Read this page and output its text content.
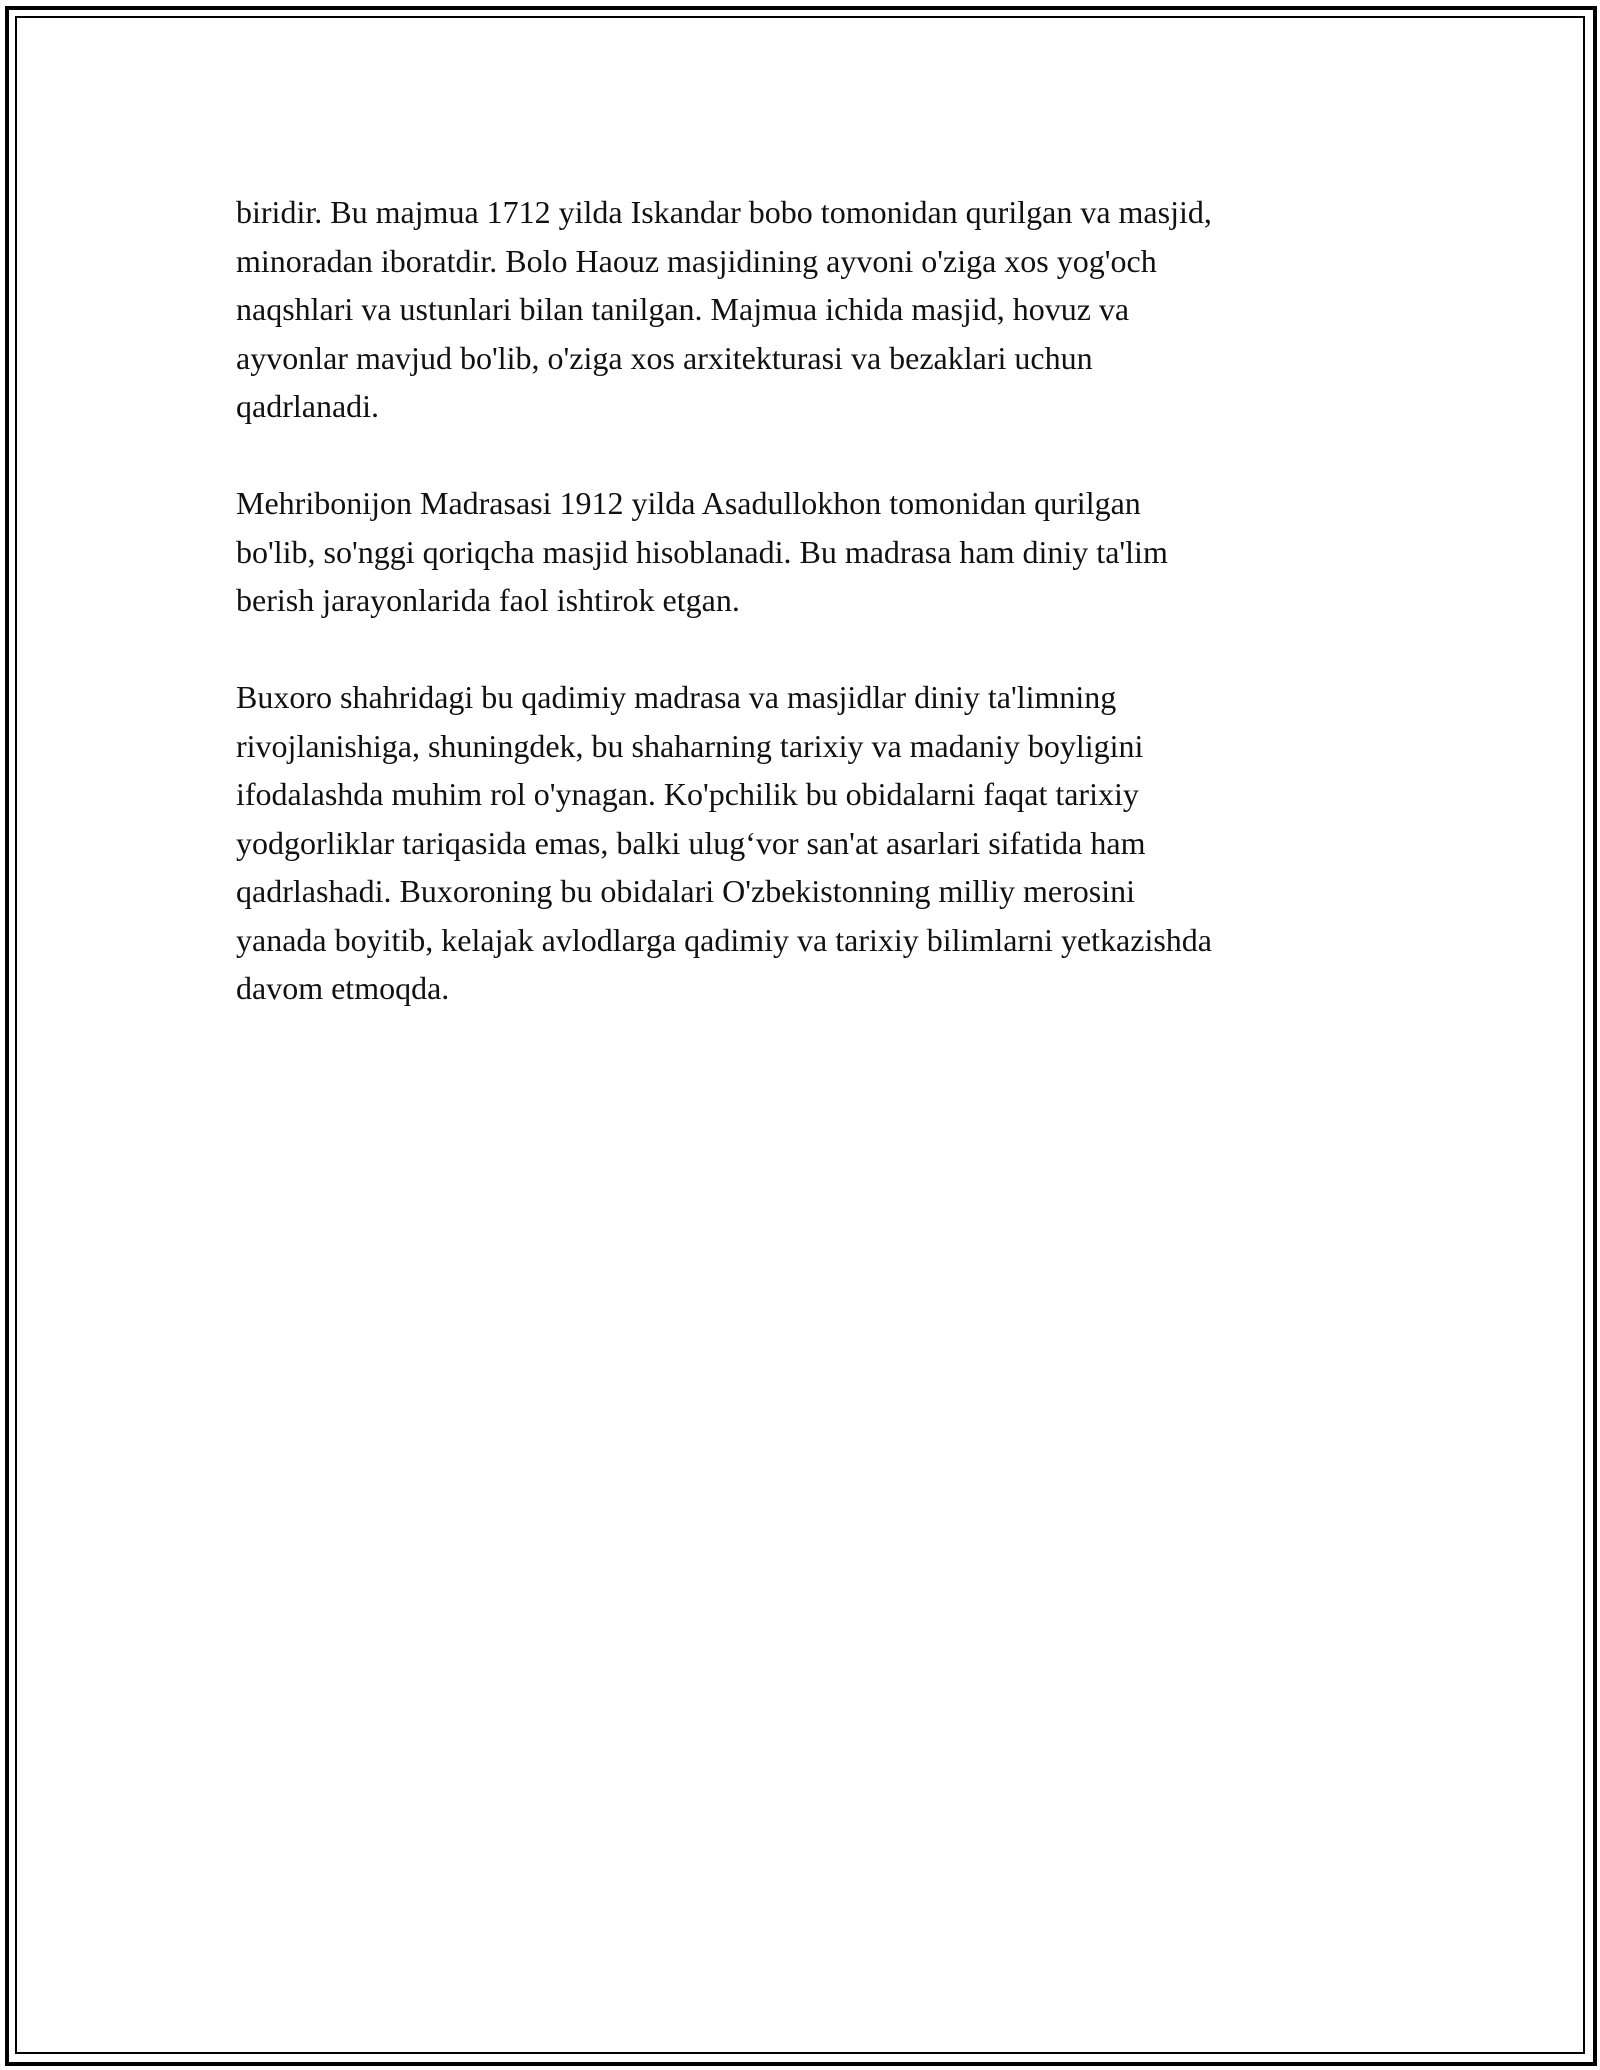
biridir. Bu majmua 1712 yilda Iskandar bobo tomonidan qurilgan va masjid,
minoradan iboratdir. Bolo Haouz masjidining ayvoni o'ziga xos yog'och
naqshlari va ustunlari bilan tanilgan. Majmua ichida masjid, hovuz va
ayvonlar mavjud bo'lib, o'ziga xos arxitekturasi va bezaklari uchun
qadrlanadi.

Mehribonijon Madrasasi 1912 yilda Asadullokhon tomonidan qurilgan
bo'lib, so'nggi qoriqcha masjid hisoblanadi. Bu madrasa ham diniy ta'lim
berish jarayonlarida faol ishtirok etgan.

Buxoro shahridagi bu qadimiy madrasa va masjidlar diniy ta'limning
rivojlanishiga, shuningdek, bu shaharning tarixiy va madaniy boyligini
ifodalashda muhim rol o'ynagan. Ko'pchilik bu obidalarni faqat tarixiy
yodgorliklar tariqasida emas, balki ulug‘vor san'at asarlari sifatida ham
qadrlashadi. Buxoroning bu obidalari O'zbekistonning milliy merosini
yanada boyitib, kelajak avlodlarga qadimiy va tarixiy bilimlarni yetkazishda
davom etmoqda.
